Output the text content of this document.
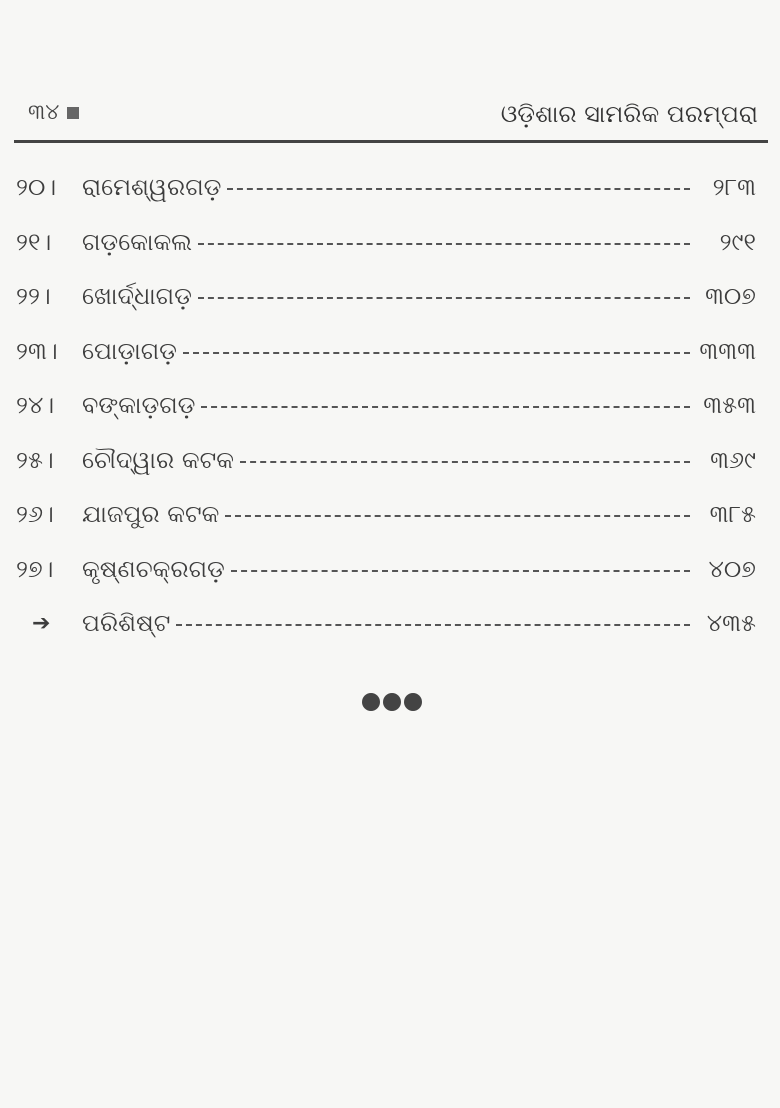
୩୪	ଓଡ଼ିଶାର ସାମରିକ ପରମ୍ପରା
୨୦।	ରାମେଶ୍ୱରଗଡ଼	୨୮୩
୨୧।	ଗଡ଼କୋକଲ	୨୯୧
୨୨।	ଖୋର୍ଦ୍ଧାଗଡ଼	୩୦୭
୨୩।	ପୋଡ଼ାଗଡ଼	୩୩୩
୨୪।	ବଙ୍କାଡ଼ଗଡ଼	୩୫୩
୨୫।	ଚୌଦ୍ୱାର କଟକ	୩୬୯
୨୬।	ଯାଜପୁର କଟକ	୩୮୫
୨୭।	କୃଷ୍ଣଚକ୍ରଗଡ଼	୪୦୭
➔	ପରିଶିଷ୍ଟ	୪୩୫
